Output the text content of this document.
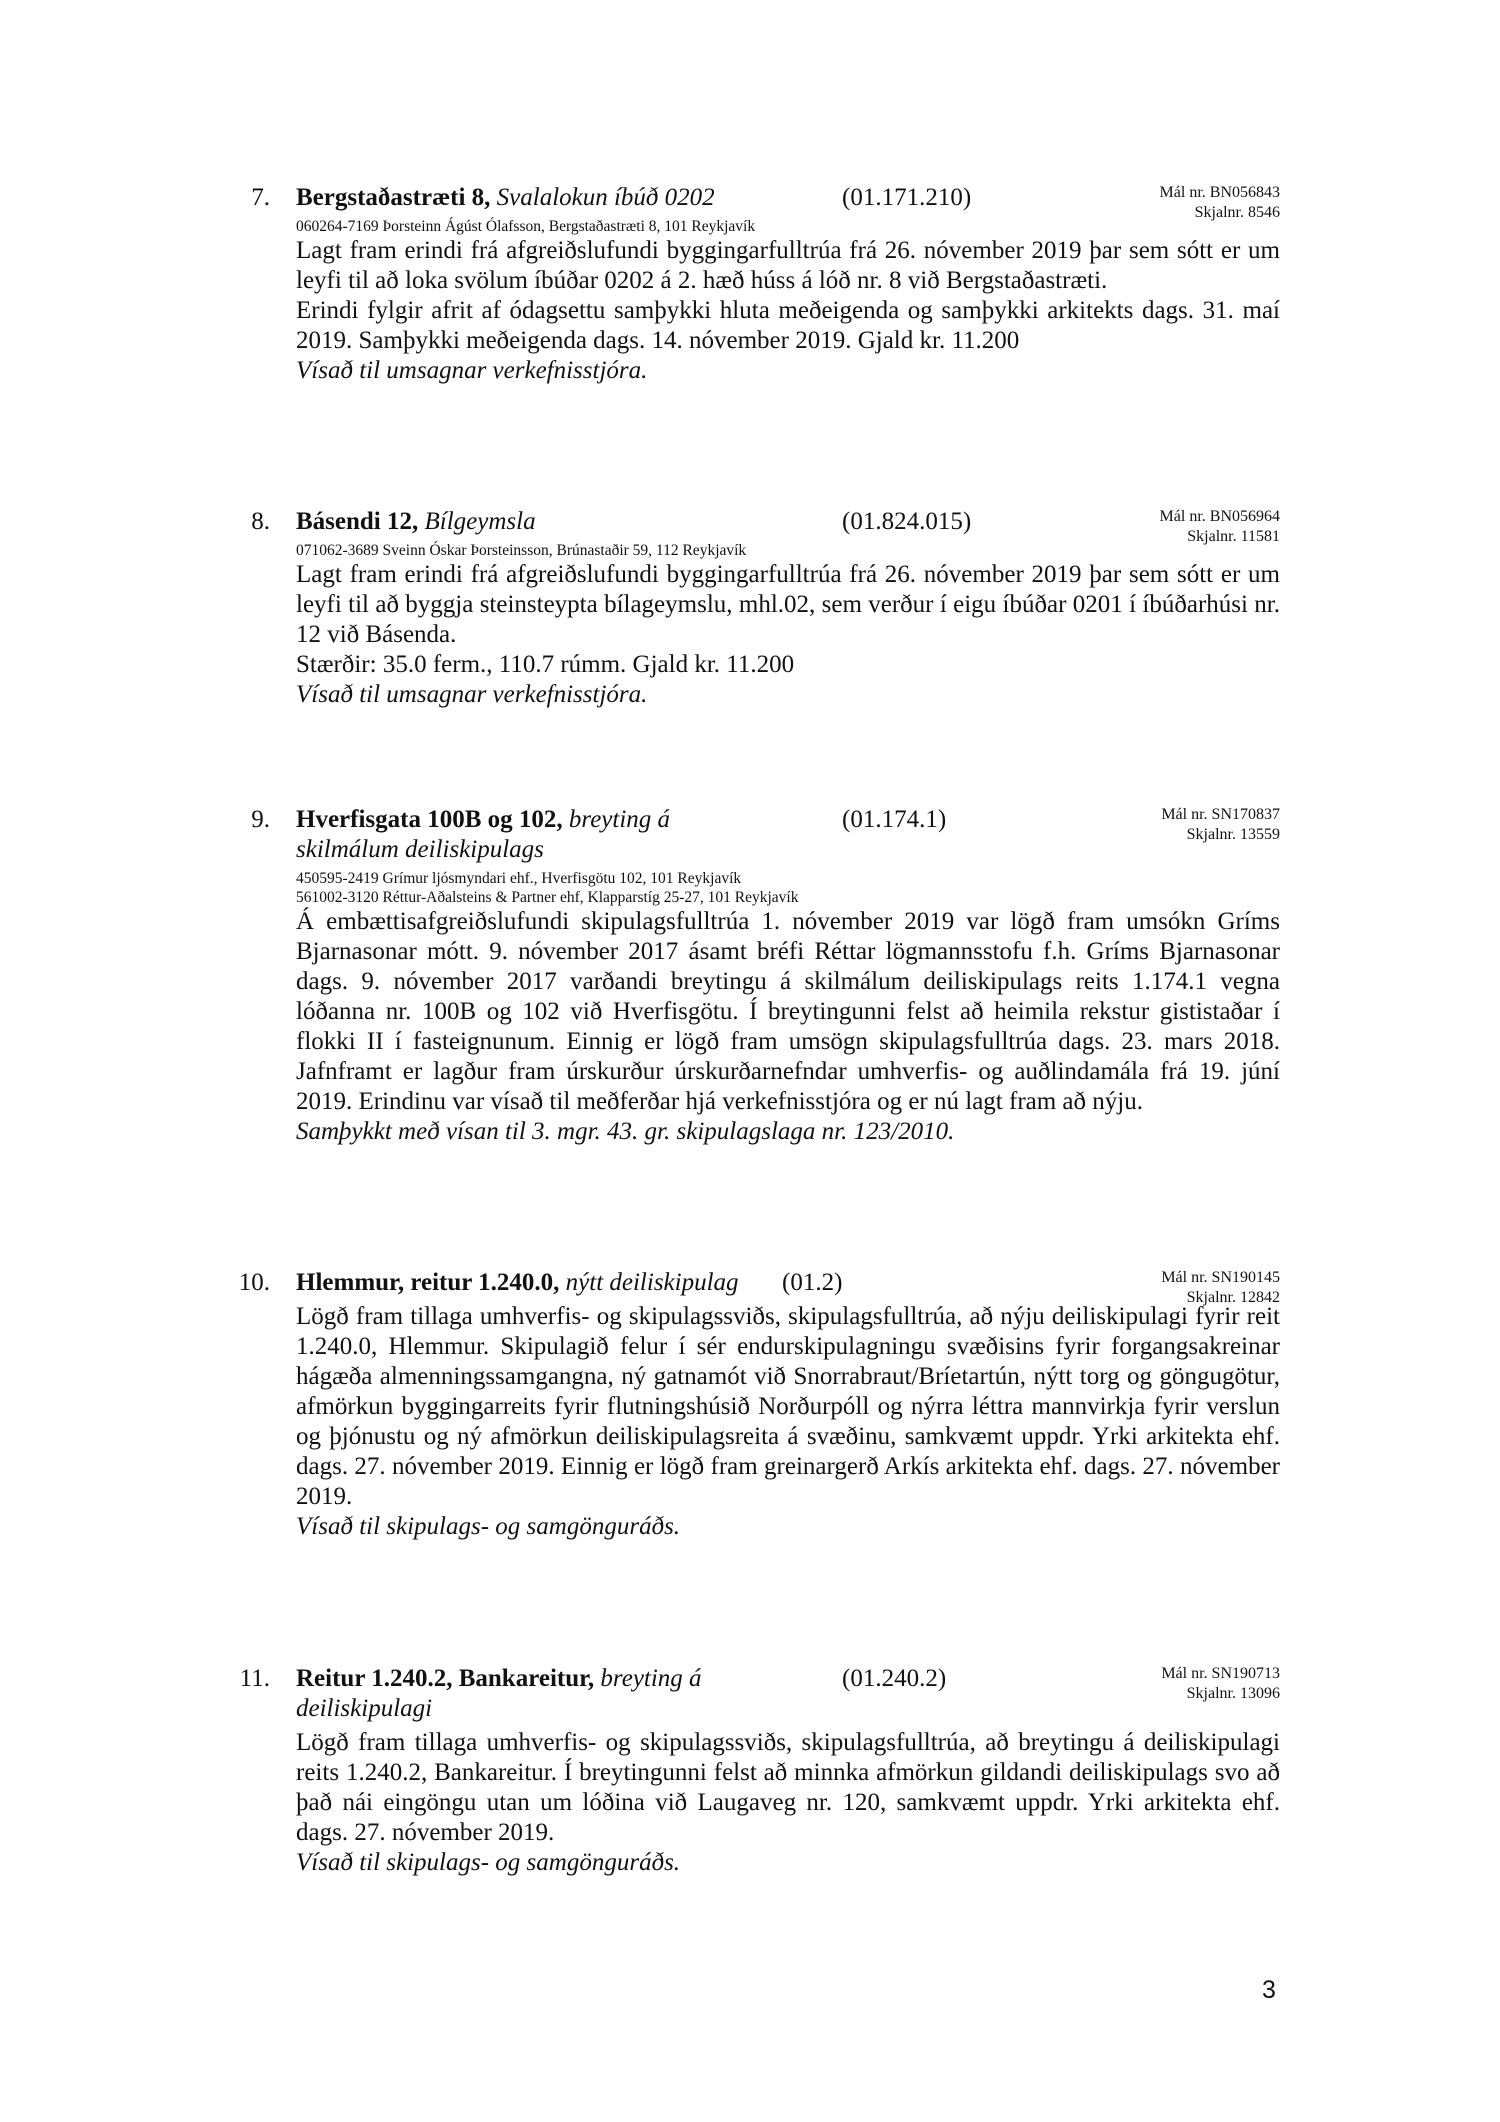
7. Bergstaðastræti 8, Svalalokun íbúð 0202	(01.171.210)	Mál nr. BN056843
Skjalnr. 8546
060264-7169 Þorsteinn Ágúst Ólafsson, Bergstaðastræti 8, 101 Reykjavík

Lagt fram erindi frá afgreiðslufundi byggingarfulltrúa frá 26. nóvember 2019 þar sem sótt er um leyfi til að loka svölum íbúðar 0202 á 2. hæð húss á lóð nr. 8 við Bergstaðastræti.

Erindi fylgir afrit af ódagsettu samþykki hluta meðeigenda og samþykki arkitekts dags. 31. maí 2019. Samþykki meðeigenda dags. 14. nóvember 2019. Gjald kr. 11.200

Vísað til umsagnar verkefnisstjóra.

8. Básendi 12, Bílgeymsla	(01.824.015)	Mál nr. BN056964
Skjalnr. 11581
071062-3689 Sveinn Óskar Þorsteinsson, Brúnastaðir 59, 112 Reykjavík

Lagt fram erindi frá afgreiðslufundi byggingarfulltrúa frá 26. nóvember 2019 þar sem sótt er um leyfi til að byggja steinsteypta bílageymslu, mhl.02, sem verður í eigu íbúðar 0201 í íbúðarhúsi nr. 12 við Básenda.

Stærðir: 35.0 ferm., 110.7 rúmm. Gjald kr. 11.200

Vísað til umsagnar verkefnisstjóra.

9. Hverfisgata 100B og 102, breyting á skilmálum deiliskipulags
(01.174.1)	Mál nr. SN170837
Skjalnr. 13559
450595-2419 Grímur ljósmyndari ehf., Hverfisgötu 102, 101 Reykjavík
561002-3120 Réttur-Aðalsteins & Partner ehf, Klapparstíg 25-27, 101 Reykjavík

Á embættisafgreiðslufundi skipulagsfulltrúa 1. nóvember 2019 var lögð fram umsókn Gríms Bjarnasonar mótt. 9. nóvember 2017 ásamt bréfi Réttar lögmannsstofu f.h. Gríms Bjarnasonar dags. 9. nóvember 2017 varðandi breytingu á skilmálum deiliskipulags reits 1.174.1 vegna lóðanna nr. 100B og 102 við Hverfisgötu. Í breytingunni felst að heimila rekstur gististaðar í flokki II í fasteignunum. Einnig er lögð fram umsögn skipulagsfulltrúa dags. 23. mars 2018. Jafnframt er lagður fram úrskurður úrskurðarnefndar umhverfis- og auðlindamála frá 19. júní 2019. Erindinu var vísað til meðferðar hjá verkefnisstjóra og er nú lagt fram að nýju.

Samþykkt með vísan til 3. mgr. 43. gr. skipulagslaga nr. 123/2010.

10. Hlemmur, reitur 1.240.0, nýtt deiliskipulag	(01.2)	Mál nr. SN190145
Skjalnr. 12842

Lögð fram tillaga umhverfis- og skipulagssviðs, skipulagsfulltrúa, að nýju deiliskipulagi fyrir reit 1.240.0, Hlemmur. Skipulagið felur í sér endurskipulagningu svæðisins fyrir forgangsakreinar hágæða almenningssamgangna, ný gatnamót við Snorrabraut/Bríetartún, nýtt torg og göngugötur, afmörkun byggingarreits fyrir flutningshúsið Norðurpóll og nýrra léttra mannvirkja fyrir verslun og þjónustu og ný afmörkun deiliskipulagsreita á svæðinu, samkvæmt uppdr. Yrki arkitekta ehf. dags. 27. nóvember 2019. Einnig er lögð fram greinargerð Arkís arkitekta ehf. dags. 27. nóvember 2019.

Vísað til skipulags- og samgönguráðs.

11. Reitur 1.240.2, Bankareitur, breyting á deiliskipulagi
(01.240.2)	Mál nr. SN190713
Skjalnr. 13096

Lögð fram tillaga umhverfis- og skipulagssviðs, skipulagsfulltrúa, að breytingu á deiliskipulagi reits 1.240.2, Bankareitur. Í breytingunni felst að minnka afmörkun gildandi deiliskipulags svo að það nái eingöngu utan um lóðina við Laugaveg nr. 120, samkvæmt uppdr. Yrki arkitekta ehf. dags. 27. nóvember 2019.

Vísað til skipulags- og samgönguráðs.

3
